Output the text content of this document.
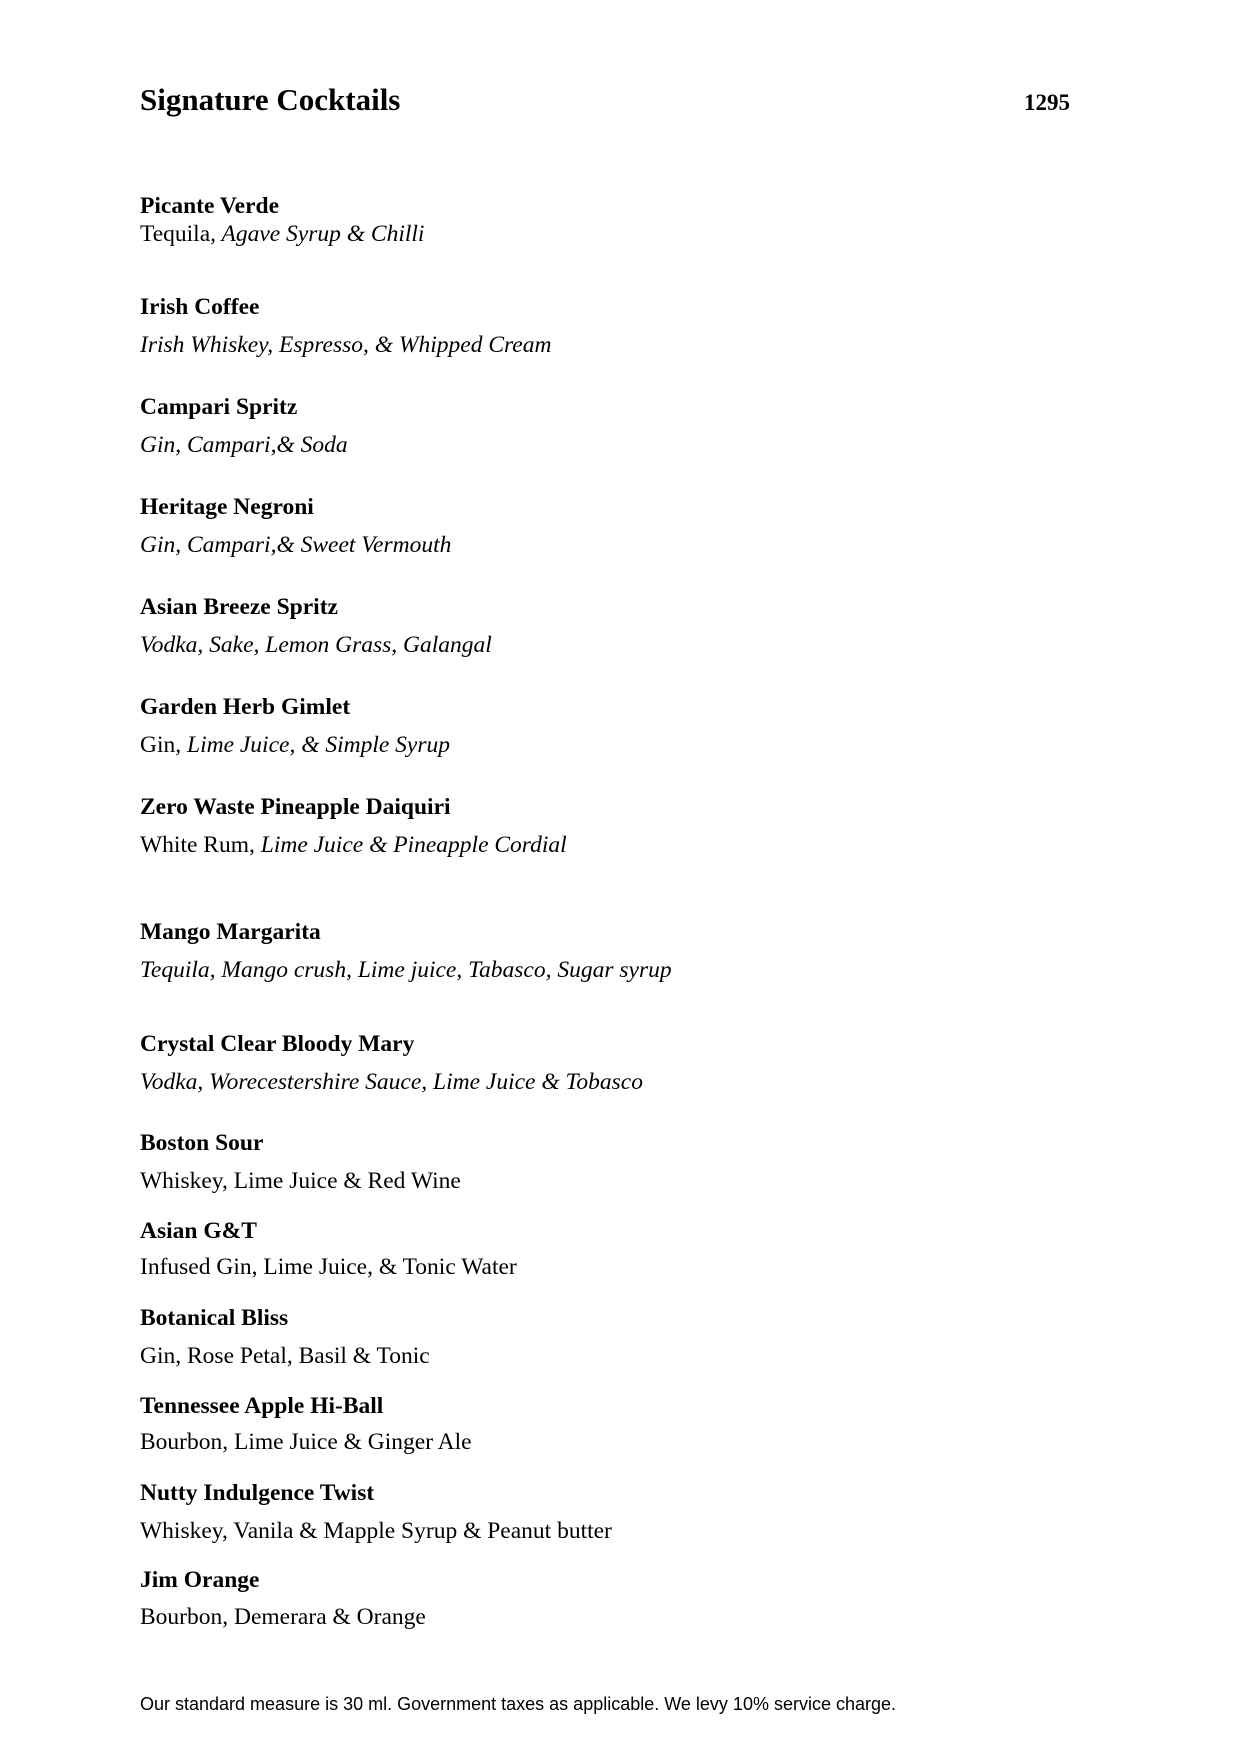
Signature Cocktails	1295
Picante Verde
Tequila, Agave Syrup & Chilli
Irish Coffee
Irish Whiskey, Espresso, & Whipped Cream
Campari Spritz
Gin, Campari,& Soda
Heritage Negroni
Gin, Campari,& Sweet Vermouth
Asian Breeze Spritz
Vodka, Sake, Lemon Grass, Galangal
Garden Herb Gimlet
Gin, Lime Juice, & Simple Syrup
Zero Waste Pineapple Daiquiri
White Rum, Lime Juice & Pineapple Cordial
Mango Margarita
Tequila, Mango crush, Lime juice, Tabasco, Sugar syrup
Crystal Clear Bloody Mary
Vodka, Worecestershire Sauce, Lime Juice & Tobasco
Boston Sour
Whiskey, Lime Juice & Red Wine
Asian G&T
Infused Gin, Lime Juice, & Tonic Water
Botanical Bliss
Gin, Rose Petal, Basil & Tonic
Tennessee Apple Hi-Ball
Bourbon, Lime Juice & Ginger Ale
Nutty Indulgence Twist
Whiskey, Vanila & Mapple Syrup & Peanut butter
Jim Orange
Bourbon, Demerara & Orange
Our standard measure is 30 ml. Government taxes as applicable. We levy 10% service charge.
